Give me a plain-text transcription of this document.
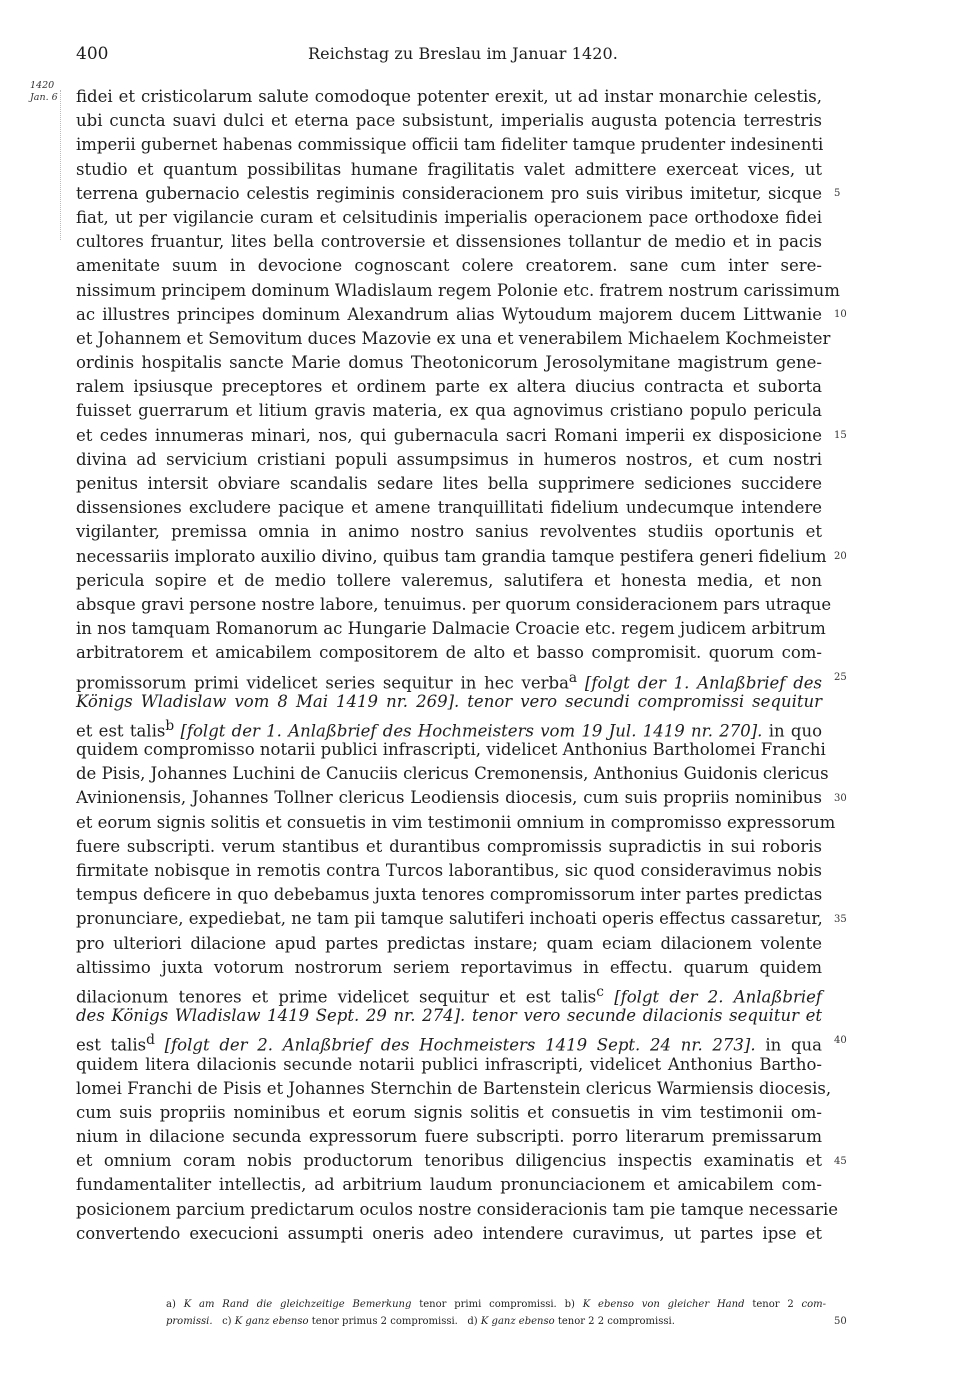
400	Reichstag zu Breslau im Januar 1420.
1420
Jan. 6 fidei et cristicolarum salute comodoque potenter erexit, ut ad instar monarchie celestis,
ubi cuncta suavi dulci et eterna pace subsistunt, imperialis augusta potencia terrestris
imperii gubernet habenas commissique officii tam fideliter tamque prudenter indesinenti
studio et quantum possibilitas humane fragilitatis valet admittere exerceat vices, ut
terrena gubernacio celestis regiminis consideracionem pro suis viribus imitetur, sicque
fiat, ut per vigilancie curam et celsitudinis imperialis operacionem pace orthodoxe fidei
cultores fruantur, lites bella controversie et dissensiones tollantur de medio et in pacis
amenitate suum in devocione cognoscant colere creatorem. sane cum inter sere-
nissimum principem dominum Wladislaum regem Polonie etc. fratrem nostrum carissimum
ac illustres principes dominum Alexandrum alias Wytoudum majorem ducem Littwanie
et Johannem et Semovitum duces Mazovie ex una et venerabilem Michaelem Kochmeister
ordinis hospitalis sancte Marie domus Theotonicorum Jerosolymitane magistrum gene-
ralem ipsiusque preceptores et ordinem parte ex altera diucius contracta et suborta
fuisset guerrarum et litium gravis materia, ex qua agnovimus cristiano populo pericula
et cedes innumeras minari, nos, qui gubernacula sacri Romani imperii ex disposicione
divina ad servicium cristiani populi assumpsimus in humeros nostros, et cum nostri
penitus intersit obviare scandalis sedare lites bella supprimere sediciones succidere
dissensiones excludere pacique et amene tranquillitati fidelium undecumque intendere
vigilanter, premissa omnia in animo nostro sanius revolventes studiis oportunis et
necessariis implorato auxilio divino, quibus tam grandia tamque pestifera generi fidelium
pericula sopire et de medio tollere valeremus, salutifera et honesta media, et non
absque gravi persone nostre labore, tenuimus. per quorum consideracionem pars utraque
in nos tamquam Romanorum ac Hungarie Dalmacie Croacie etc. regem judicem arbitrum
arbitratorem et amicabilem compositorem de alto et basso compromisit. quorum com-
promissorum primi videlicet series sequitur in hec verba$^a$ [folgt der 1. Anlaßbrief des
Königs Wladislaw vom 8 Mai 1419 nr. 269]. tenor vero secundi compromissi sequitur
et est talis$^b$ [folgt der 1. Anlaßbrief des Hochmeisters vom 19 Jul. 1419 nr. 270]. in quo
quidem compromisso notarii publici infrascripti, videlicet Anthonius Bartholomei Franchi
de Pisis, Johannes Luchini de Canuciis clericus Cremonensis, Anthonius Guidonis clericus
Avinionensis, Johannes Tollner clericus Leodiensis diocesis, cum suis propriis nominibus
et eorum signis solitis et consuetis in vim testimonii omnium in compromisso expressorum
fuere subscripti. verum stantibus et durantibus compromissis supradictis in sui roboris
firmitate nobisque in remotis contra Turcos laborantibus, sic quod consideravimus nobis
tempus deficere in quo debebamus juxta tenores compromissorum inter partes predictas
pronunciare, expediebat, ne tam pii tamque salutiferi inchoati operis effectus cassaretur,
pro ulteriori dilacione apud partes predictas instare; quam eciam dilacionem volente
altissimo juxta votorum nostrorum seriem reportavimus in effectu. quarum quidem
dilacionum tenores et prime videlicet sequitur et est talis$^c$ [folgt der 2. Anlaßbrief
des Königs Wladislaw 1419 Sept. 29 nr. 274]. tenor vero secunde dilacionis sequitur et
est talis$^d$ [folgt der 2. Anlaßbrief des Hochmeisters 1419 Sept. 24 nr. 273]. in qua
quidem litera dilacionis secunde notarii publici infrascripti, videlicet Anthonius Bartho-
lomei Franchi de Pisis et Johannes Sternchin de Bartenstein clericus Warmiensis diocesis,
cum suis propriis nominibus et eorum signis solitis et consuetis in vim testimonii om-
nium in dilacione secunda expressorum fuere subscripti. porro literarum premissarum
et omnium coram nobis productorum tenoribus diligencius inspectis examinatis et
fundamentaliter intellectis, ad arbitrium laudum pronunciacionem et amicabilem com-
posicionem parcium predictarum oculos nostre consideracionis tam pie tamque necessarie
convertendo execucioni assumpti oneris adeo intendere curavimus, ut partes ipse et
5
10
15
20
25
30
35
40
45
a) K am Rand die gleichzeitige Bemerkung tenor primi compromissi. b) K ebenso von gleicher Hand tenor 2 com-
promissi. c) K ganz ebenso tenor primus 2 compromissi. d) K ganz ebenso tenor 2 2 compromissi.	50
